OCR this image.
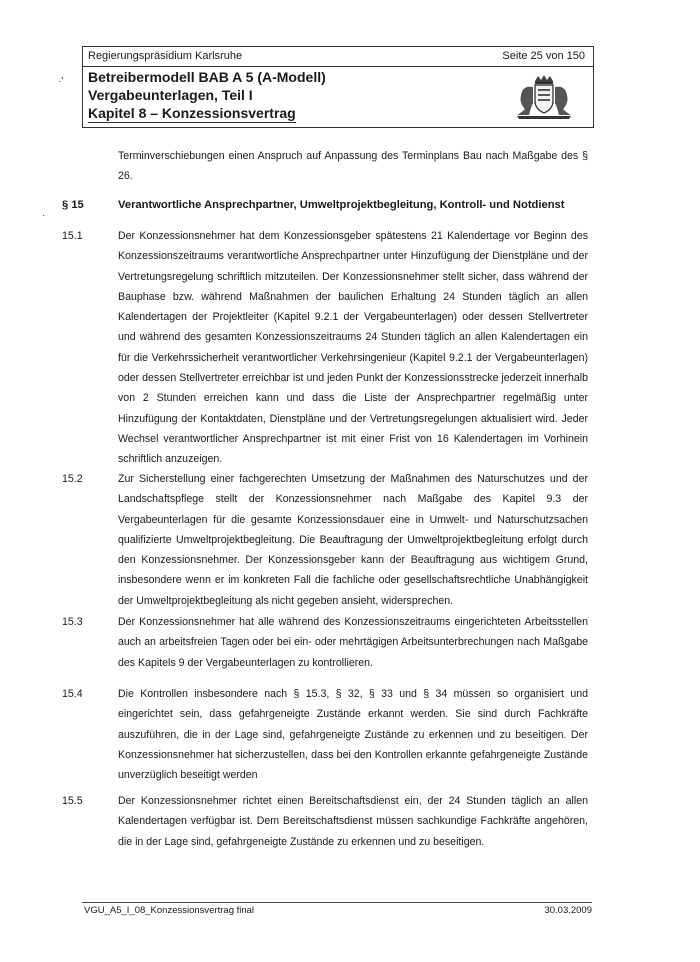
Regierungspräsidium Karlsruhe	Seite 25 von 150
Betreibermodell BAB A 5 (A-Modell)
Vergabeunterlagen, Teil I
Kapitel 8 – Konzessionsvertrag
·'
·
Terminverschiebungen einen Anspruch auf Anpassung des Terminplans Bau nach Maßgabe des § 26.
§ 15	Verantwortliche Ansprechpartner, Umweltprojektbegleitung, Kontroll- und Notdienst
15.1	Der Konzessionsnehmer hat dem Konzessionsgeber spätestens 21 Kalendertage vor Beginn des Konzessionszeitraums verantwortliche Ansprechpartner unter Hinzufügung der Dienstpläne und der Vertretungsregelung schriftlich mitzuteilen. Der Konzessionsnehmer stellt sicher, dass während der Bauphase bzw. während Maßnahmen der baulichen Erhaltung 24 Stunden täglich an allen Kalendertagen der Projektleiter (Kapitel 9.2.1 der Vergabeunterlagen) oder dessen Stellvertreter und während des gesamten Konzessionszeitraums 24 Stunden täglich an allen Kalendertagen ein für die Verkehrssicherheit verantwortlicher Verkehrsingenieur (Kapitel 9.2.1 der Vergabeunterlagen) oder dessen Stellvertreter erreichbar ist und jeden Punkt der Konzessionsstrecke jederzeit innerhalb von 2 Stunden erreichen kann und dass die Liste der Ansprechpartner regelmäßig unter Hinzufügung der Kontaktdaten, Dienstpläne und der Vertretungsregelungen aktualisiert wird. Jeder Wechsel verantwortlicher Ansprechpartner ist mit einer Frist von 16 Kalendertagen im Vorhinein schriftlich anzuzeigen.
15.2	Zur Sicherstellung einer fachgerechten Umsetzung der Maßnahmen des Naturschutzes und der Landschaftspflege stellt der Konzessionsnehmer nach Maßgabe des Kapitel 9.3 der Vergabeunterlagen für die gesamte Konzessionsdauer eine in Umwelt- und Naturschutzsachen qualifizierte Umweltprojektbegleitung. Die Beauftragung der Umweltprojektbegleitung erfolgt durch den Konzessionsnehmer. Der Konzessionsgeber kann der Beauftragung aus wichtigem Grund, insbesondere wenn er im konkreten Fall die fachliche oder gesellschaftsrechtliche Unabhängigkeit der Umweltprojektbegleitung als nicht gegeben ansieht, widersprechen.
15.3	Der Konzessionsnehmer hat alle während des Konzessionszeitraums eingerichteten Arbeitsstellen auch an arbeitsfreien Tagen oder bei ein- oder mehrtägigen Arbeitsunterbrechungen nach Maßgabe des Kapitels 9 der Vergabeunterlagen zu kontrollieren.
15.4	Die Kontrollen insbesondere nach § 15.3, § 32, § 33 und § 34 müssen so organisiert und eingerichtet sein, dass gefahrgeneigte Zustände erkannt werden. Sie sind durch Fachkräfte auszuführen, die in der Lage sind, gefahrgeneigte Zustände zu erkennen und zu beseitigen. Der Konzessionsnehmer hat sicherzustellen, dass bei den Kontrollen erkannte gefahrgeneigte Zustände unverzüglich beseitigt werden
15.5	Der Konzessionsnehmer richtet einen Bereitschaftsdienst ein, der 24 Stunden täglich an allen Kalendertagen verfügbar ist. Dem Bereitschaftsdienst müssen sachkundige Fachkräfte angehören, die in der Lage sind, gefahrgeneigte Zustände zu erkennen und zu beseitigen.
VGU_A5_I_08_Konzessionsvertrag final	30.03.2009
